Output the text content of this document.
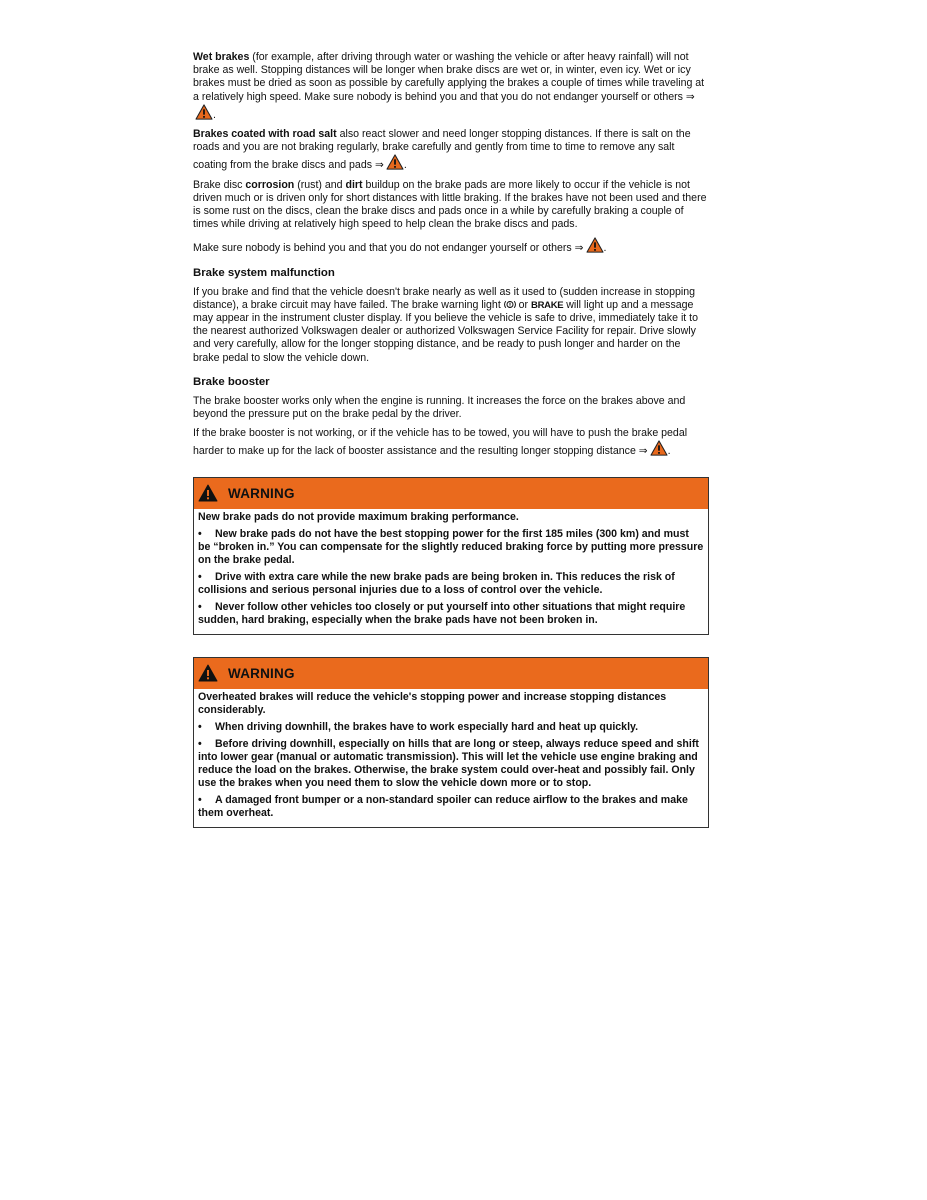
Wet brakes (for example, after driving through water or washing the vehicle or after heavy rainfall) will not brake as well. Stopping distances will be longer when brake discs are wet or, in winter, even icy. Wet or icy brakes must be dried as soon as possible by carefully applying the brakes a couple of times while traveling at a relatively high speed. Make sure nobody is behind you and that you do not endanger yourself or others ⇒.

Brakes coated with road salt also react slower and need longer stopping distances. If there is salt on the roads and you are not braking regularly, brake carefully and gently from time to time to remove any salt coating from the brake discs and pads ⇒ .

Brake disc corrosion (rust) and dirt buildup on the brake pads are more likely to occur if the vehicle is not driven much or is driven only for short distances with little braking. If the brakes have not been used and there is some rust on the discs, clean the brake discs and pads once in a while by carefully braking a couple of times while driving at relatively high speed to help clean the brake discs and pads.

Make sure nobody is behind you and that you do not endanger yourself or others ⇒ .

Brake system malfunction

If you brake and find that the vehicle doesn't brake nearly as well as it used to (sudden increase in stopping distance), a brake circuit may have failed. The brake warning light  or BRAKE will light up and a message may appear in the instrument cluster display. If you believe the vehicle is safe to drive, immediately take it to the nearest authorized Volkswagen dealer or authorized Volkswagen Service Facility for repair. Drive slowly and very carefully, allow for the longer stopping distance, and be ready to push longer and harder on the brake pedal to slow the vehicle down.

Brake booster

The brake booster works only when the engine is running. It increases the force on the brakes above and beyond the pressure put on the brake pedal by the driver.

If the brake booster is not working, or if the vehicle has to be towed, you will have to push the brake pedal harder to make up for the lack of booster assistance and the resulting longer stopping distance ⇒ .

WARNING

New brake pads do not provide maximum braking performance.

• New brake pads do not have the best stopping power for the first 185 miles (300 km) and must be “broken in.” You can compensate for the slightly reduced braking force by putting more pressure on the brake pedal.

• Drive with extra care while the new brake pads are being broken in. This reduces the risk of collisions and serious personal injuries due to a loss of control over the vehicle.

• Never follow other vehicles too closely or put yourself into other situations that might require sudden, hard braking, especially when the brake pads have not been broken in.

WARNING

Overheated brakes will reduce the vehicle's stopping power and increase stopping distances considerably.

• When driving downhill, the brakes have to work especially hard and heat up quickly.

• Before driving downhill, especially on hills that are long or steep, always reduce speed and shift into lower gear (manual or automatic transmission). This will let the vehicle use engine braking and reduce the load on the brakes. Otherwise, the brake system could over-heat and possibly fail. Only use the brakes when you need them to slow the vehicle down more or to stop.

• A damaged front bumper or a non-standard spoiler can reduce airflow to the brakes and make them overheat.
